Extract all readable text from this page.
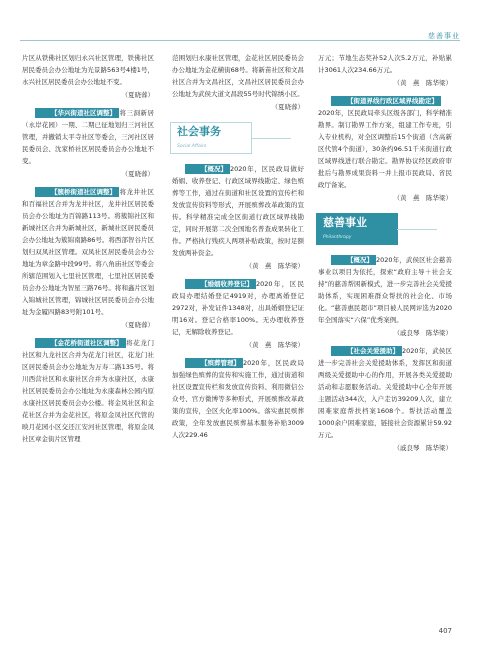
慈善事业

片区从铁佛社区划归永兴社区管理，铁佛社区居民委员会办公地址为光景路563号4楼1号，永兴社区居民委员会办公地址不变。

（夏晓蓉）

【华兴街道社区调整】 将三洞新居（永岸花园）一期、二期已征地划归三河社区管理，并撤销太平寺社区等委会，三河社区居民委员会、沈家桥社区居民委员会办公地址不变。

（夏晓蓉）

【簇桥街道社区调整】 将龙井社区和百福社区合并为龙井社区，龙井社区居民委员会办公地址为百锦路113号。将簇锦社区和新城社区合并为新城社区，新城社区居民委员会办公地址为簇锦南路86号。将西部智谷片区划归双凤社区管理。双凤社区居民委员会办公地址为章金路中段99号。将八角庙社区等委会所辖范围划入七里社区管理，七里社区居民委员会办公地址为智星三路76号。将和鑫片区划入锦城社区管理，锦城社区居民委员会办公地址为金履四路83号附101号。

（夏晓蓉）

【金花桥街道社区调整】 将花龙门社区和九龙社区合并为花龙门社区，花龙门社区居民委员会办公地址为万寿二路135号。将川西营社区和永康社区合并为永康社区，永康社区居民委员会办公地址为永康森林公园内原永康社区居民委员会办公楼。将金凤社区和金花社区合并为金花社区，将原金凤社区代管的映月花园小区交还江安河社区管理，将原金凤社区章金街片区管理

范围划归永康社区管理，金花社区居民委员会办公地址为金花横街68号。将新苗社区和文昌社区合并为文昌社区，文昌社区居民委员会办公地址为武侯大道文昌段55号时代锦绣小区。

（夏晓蓉）
社会事务
Social Affairs

【概况】 2020年，区民政局做好婚姻、收养登记、行政区域界线勘定、绿色殡葬等工作，通过在街道和社区设置的宣传栏和发放宣传资料等形式，开展殡葬改革政策的宣传。科学精准完成全区街道行政区域界线勘定，同时开展第二次全国地名普查成果转化工作。严格执行残疾人两项补贴政策，按时足额发放两补资金。

（黄　燕　陈华梁）

【婚姻收养登记】 2020年，区民政局办理结婚登记4919对，办理离婚登记2972对，补发证件1348对，出具婚姻登记证明16对。登记合格率100%。无办理收养登记，无解除收养登记。

（黄　燕　陈华梁）

【殡葬管理】 2020年，区民政局加强绿色殡葬的宣传和实施工作，通过街道和社区设置宣传栏和发放宣传资料、利用微信公众号、官方微博等多种形式，开展殡葬改革政策的宣传，全区火化率100%。落实惠民殡葬政策，全年发放惠民殡葬基本服务补贴3009人次229.46

万元；节地生态奖补52人次5.2万元，补贴累计3061人次234.66万元。

（黄　燕　陈华梁）

【街道界线行政区域界线勘定】2020年，区民政局牵头区级各部门，科学精准勘界。制订勘界工作方案，组建工作专班，引入专业机构，对全区调整后15个街道（含高新区代管4个街道），30条约96.51千米街道行政区域界线进行联合勘定。勘界协议经区政府审批后与勘界成果资料一并上报市民政局、省民政厅备案。

（黄　燕　陈华梁）
慈善事业
Philanthropy

【概况】 2020年，武侯区社会慈善事业以项目为依托，探索“政府主导＋社会支持”的慈善帮困新模式，进一步完善社会关爱援助体系，实现困难群众帮扶的社会化、市场化。“慈善惠民超市”项目被人民网评选为2020年全国落实“六保”优秀案例。

（戚良琴　陈华梁）

【社会关爱援助】 2020年，武侯区进一步完善社会关爱援助体系，发挥区和街道两级关爱援助中心的作用，开展各类关爱援助活动和志愿服务活动。关爱援助中心全年开展主题活动344次，入户走访39209人次，建立困难家庭帮扶档案1608个。帮扶活动覆盖1000余户困难家庭，链接社会资源累计59.92万元。

（戚良琴　陈华梁）
407
